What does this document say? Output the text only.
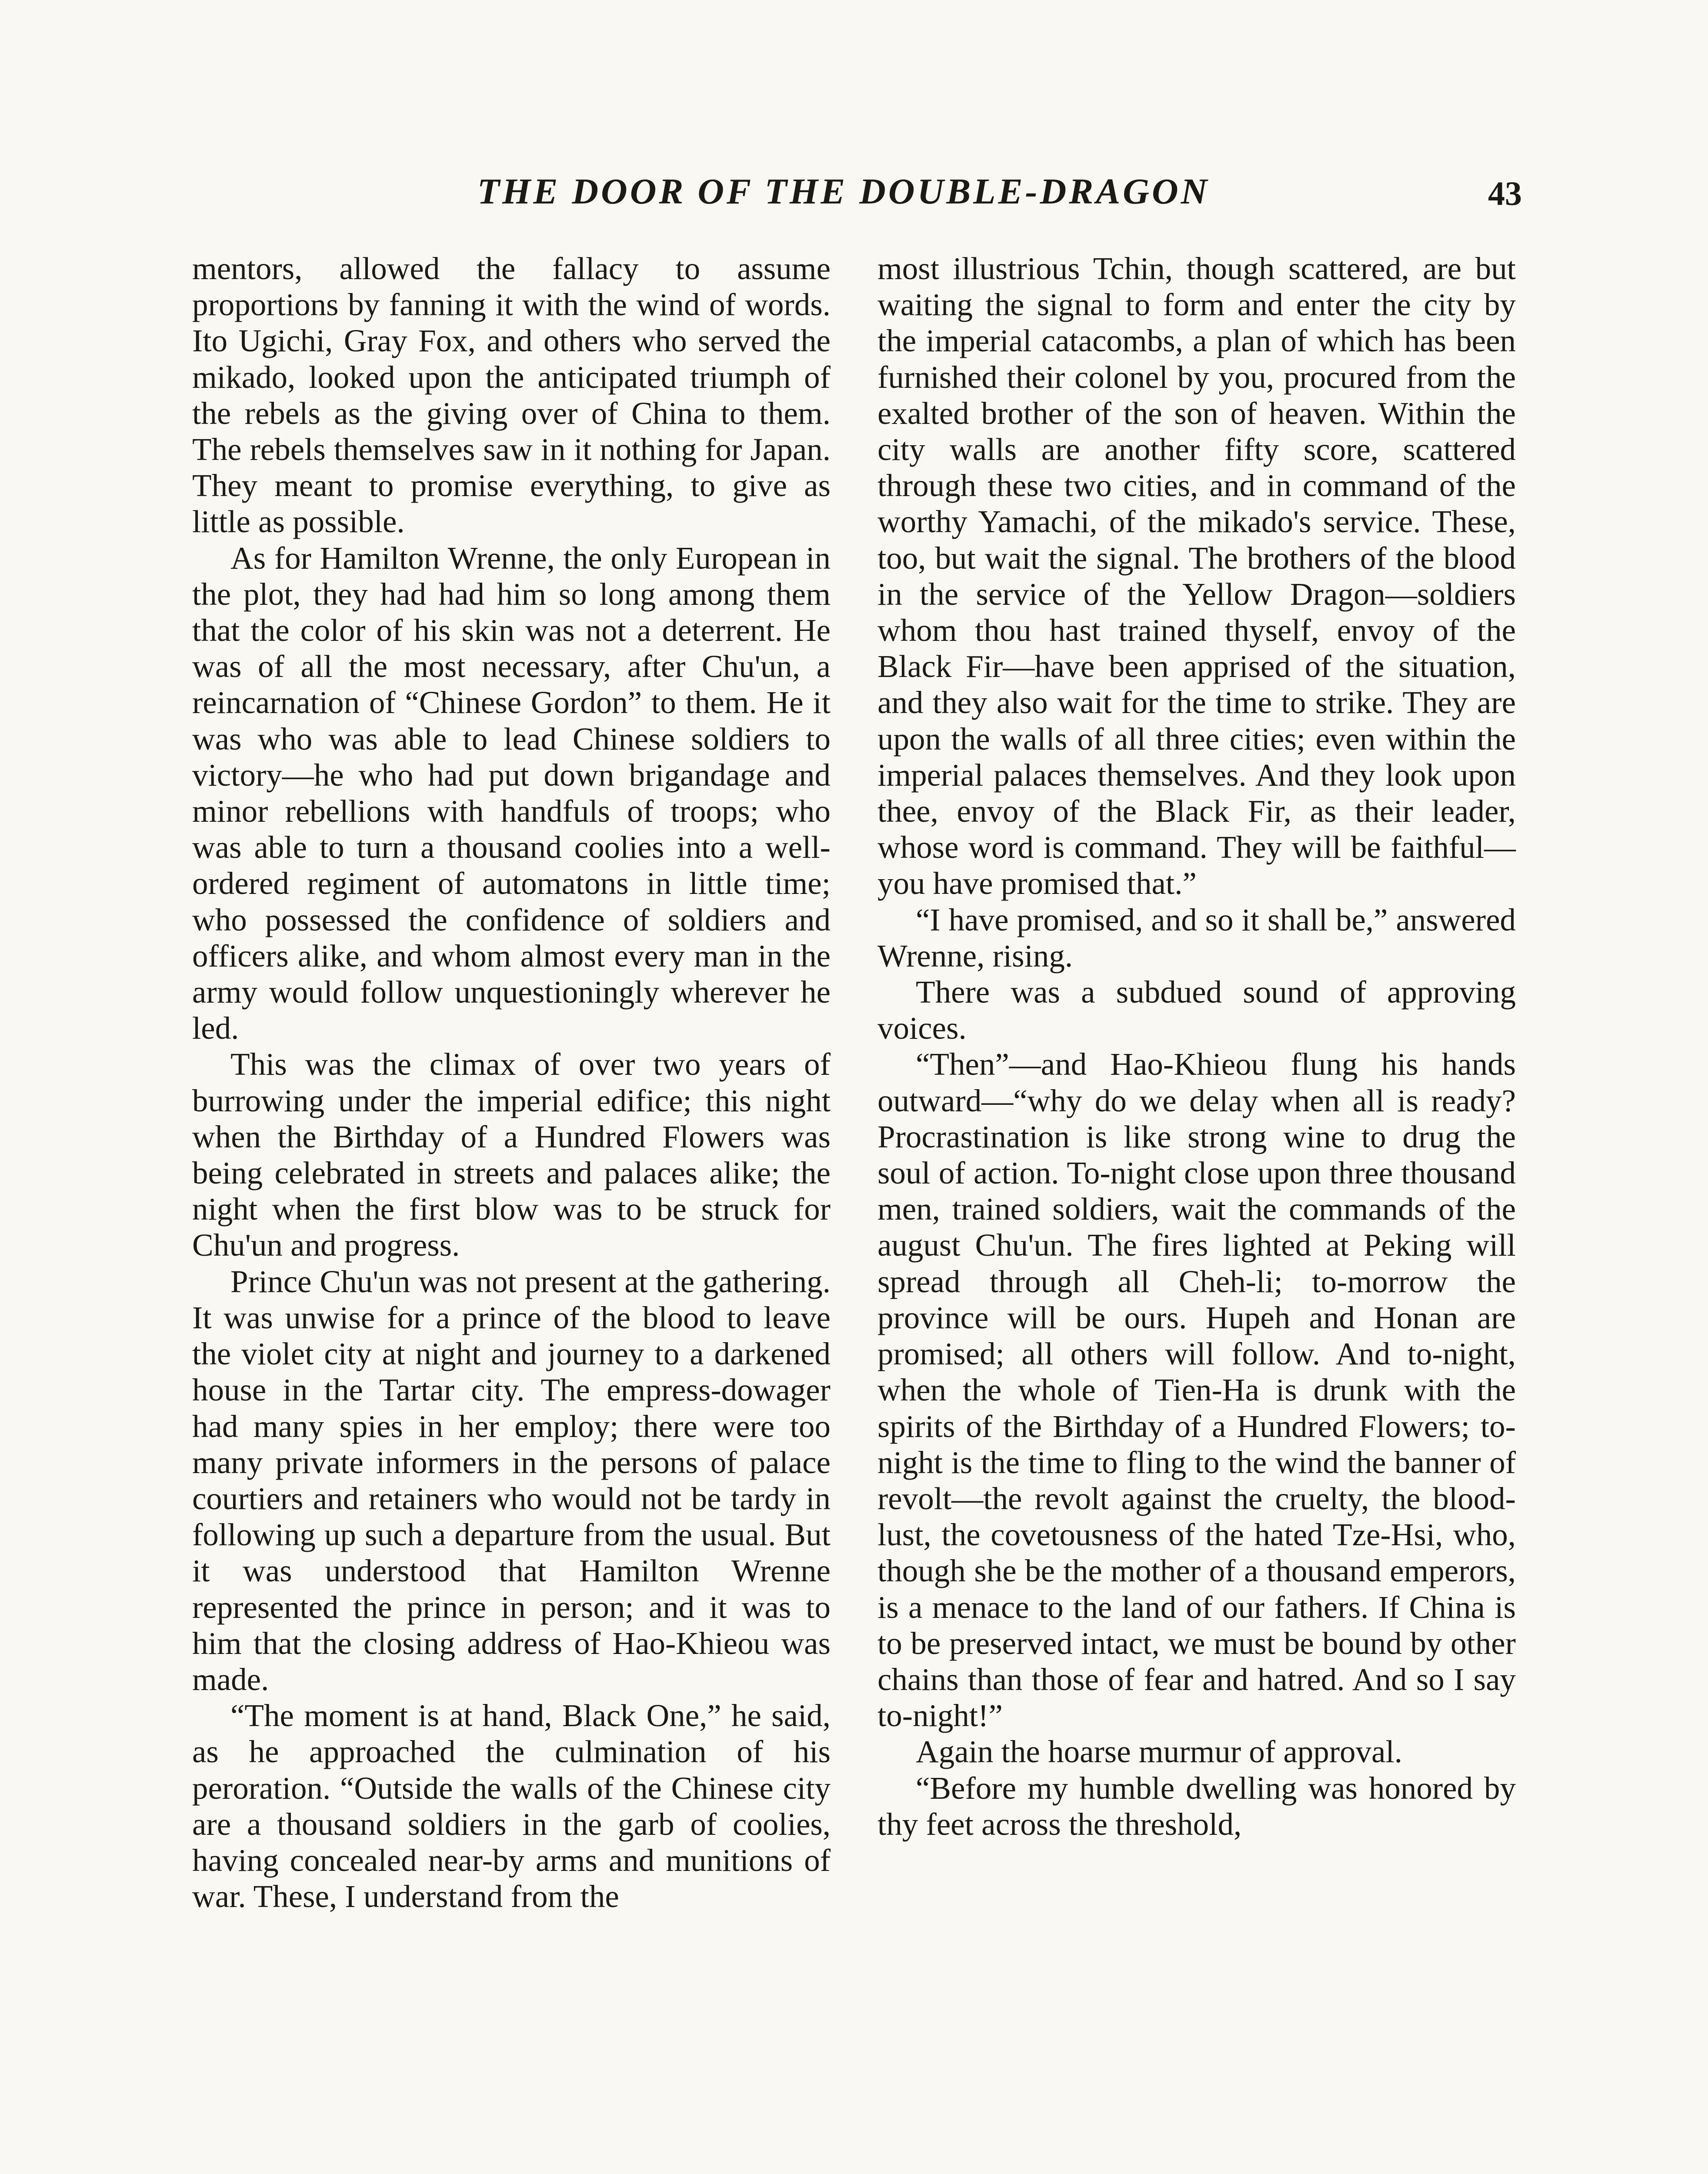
THE DOOR OF THE DOUBLE-DRAGON	43

mentors, allowed the fallacy to assume proportions by fanning it with the wind of words. Ito Ugichi, Gray Fox, and others who served the mikado, looked upon the anticipated triumph of the rebels as the giving over of China to them. The rebels themselves saw in it nothing for Japan. They meant to promise everything, to give as little as possible.

As for Hamilton Wrenne, the only European in the plot, they had had him so long among them that the color of his skin was not a deterrent. He was of all the most necessary, after Chu'un, a reincarnation of “Chinese Gordon” to them. He it was who was able to lead Chinese soldiers to victory—he who had put down brigandage and minor rebellions with handfuls of troops; who was able to turn a thousand coolies into a well-ordered regiment of automatons in little time; who possessed the confidence of soldiers and officers alike, and whom almost every man in the army would follow unquestioningly wherever he led.

This was the climax of over two years of burrowing under the imperial edifice; this night when the Birthday of a Hundred Flowers was being celebrated in streets and palaces alike; the night when the first blow was to be struck for Chu'un and progress.

Prince Chu'un was not present at the gathering. It was unwise for a prince of the blood to leave the violet city at night and journey to a darkened house in the Tartar city. The empress-dowager had many spies in her employ; there were too many private informers in the persons of palace courtiers and retainers who would not be tardy in following up such a departure from the usual. But it was understood that Hamilton Wrenne represented the prince in person; and it was to him that the closing address of Hao-Khieou was made.

“The moment is at hand, Black One,” he said, as he approached the culmination of his peroration. “Outside the walls of the Chinese city are a thousand soldiers in the garb of coolies, having concealed near-by arms and munitions of war. These, I understand from the

most illustrious Tchin, though scattered, are but waiting the signal to form and enter the city by the imperial catacombs, a plan of which has been furnished their colonel by you, procured from the exalted brother of the son of heaven. Within the city walls are another fifty score, scattered through these two cities, and in command of the worthy Yamachi, of the mikado's service. These, too, but wait the signal. The brothers of the blood in the service of the Yellow Dragon—soldiers whom thou hast trained thyself, envoy of the Black Fir—have been apprised of the situation, and they also wait for the time to strike. They are upon the walls of all three cities; even within the imperial palaces themselves. And they look upon thee, envoy of the Black Fir, as their leader, whose word is command. They will be faithful—you have promised that.”

“I have promised, and so it shall be,” answered Wrenne, rising.

There was a subdued sound of approving voices.

“Then”—and Hao-Khieou flung his hands outward—“why do we delay when all is ready? Procrastination is like strong wine to drug the soul of action. To-night close upon three thousand men, trained soldiers, wait the commands of the august Chu'un. The fires lighted at Peking will spread through all Cheh-li; to-morrow the province will be ours. Hupeh and Honan are promised; all others will follow. And to-night, when the whole of Tien-Ha is drunk with the spirits of the Birthday of a Hundred Flowers; to-night is the time to fling to the wind the banner of revolt—the revolt against the cruelty, the blood-lust, the covetousness of the hated Tze-Hsi, who, though she be the mother of a thousand emperors, is a menace to the land of our fathers. If China is to be preserved intact, we must be bound by other chains than those of fear and hatred. And so I say to-night!”

Again the hoarse murmur of approval.

“Before my humble dwelling was honored by thy feet across the threshold,
